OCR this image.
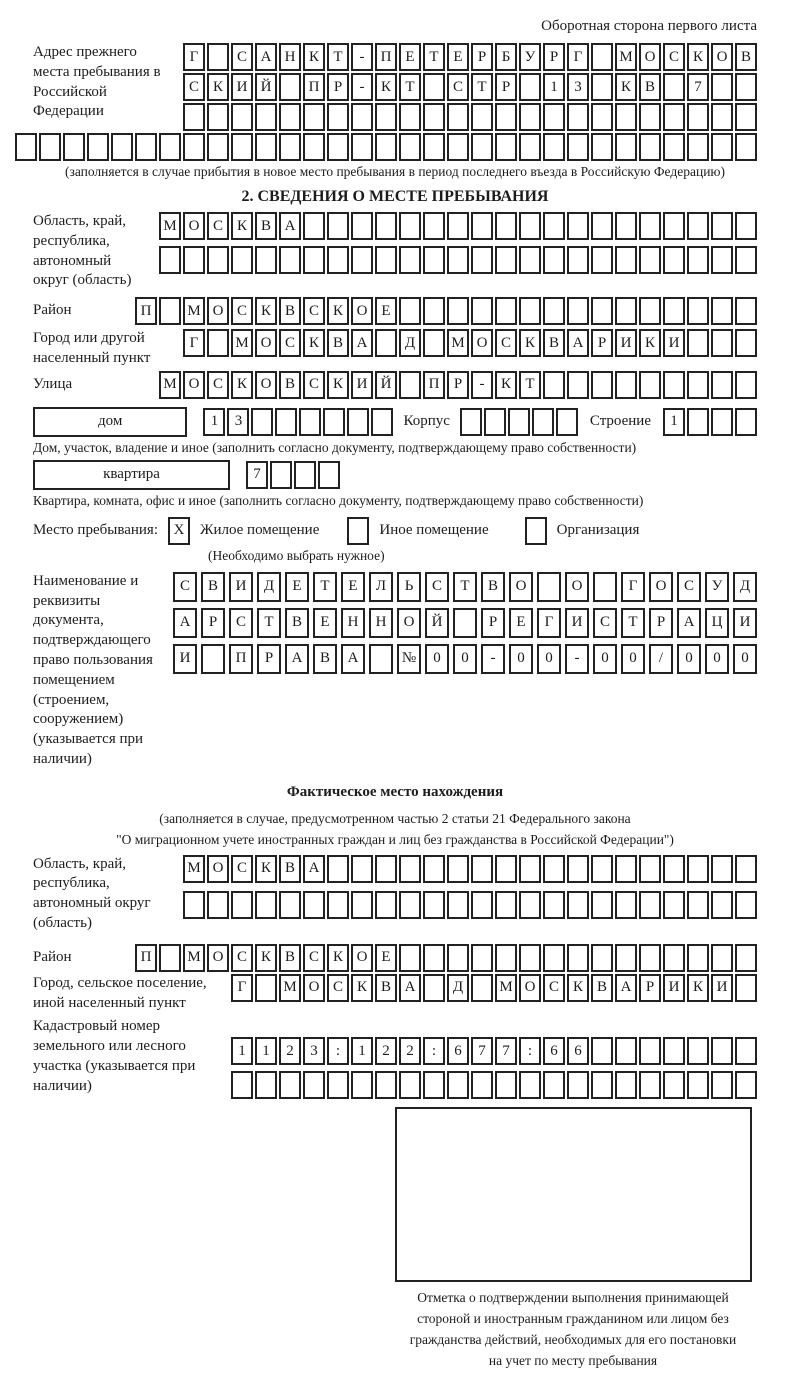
Оборотная сторона первого листа
Адрес прежнего места пребывания в Российской Федерации
Г	С А Н К Т	-	П Е Т Е	Р	Б У Р	Г	М О С К О В
С К И Й	П Р	-	К Т	С Т	Р	1	3	К В	7
(заполняется в случае прибытия в новое место пребывания в период последнего въезда в Российскую Федерацию)
2. СВЕДЕНИЯ О МЕСТЕ ПРЕБЫВАНИЯ
Область, край, республика, автономный округ (область)
М О С К В А
Район	П	М О С К В С К О Е
Город или другой населенный пункт
Г	М О С К В А	Д	М О С К В А Р И К И
Улица	М О С К О В С К И Й	П Р	-	К Т
дом	1	3	Корпус	Строение	1
Дом, участок, владение и иное (заполнить согласно документу, подтверждающему право собственности)
квартира	7
Квартира, комната, офис и иное (заполнить согласно документу, подтверждающему право собственности)
Место пребывания:	X	Жилое помещение	Иное помещение	Организация
(Необходимо выбрать нужное)
Наименование и реквизиты документа, подтверждающего право пользования помещением (строением, сооружением) (указывается при наличии)
С	В	И	Д	Е	Т	Е	Л	Ь	С	Т	В	О	О	Г	О	С	У	Д
А	Р	С	Т	В	Е	Н	Н	О	Й	Р	Е	Г	И	С	Т	Р	А	Ц	И
И	П	Р	А	В	А	№	0	0	-	0	0	-	0	0	/	0	0	0
Фактическое место нахождения
(заполняется в случае, предусмотренном частью 2 статьи 21 Федерального закона
"О миграционном учете иностранных граждан и лиц без гражданства в Российской Федерации")
Область, край, республика, автономный округ (область)
М О С К В А
Район	П	М О С К В С К О Е
Город, сельское поселение, иной населенный пункт
Г	М О С К В А	Д	М О С К В А Р И К И
Кадастровый номер земельного или лесного участка (указывается при наличии)
1	1	2	3	:	1	2	2	:	6	7	7	:	6	6
Отметка о подтверждении выполнения принимающей
стороной и иностранным гражданином или лицом без
гражданства действий, необходимых для его постановки
на учет по месту пребывания
